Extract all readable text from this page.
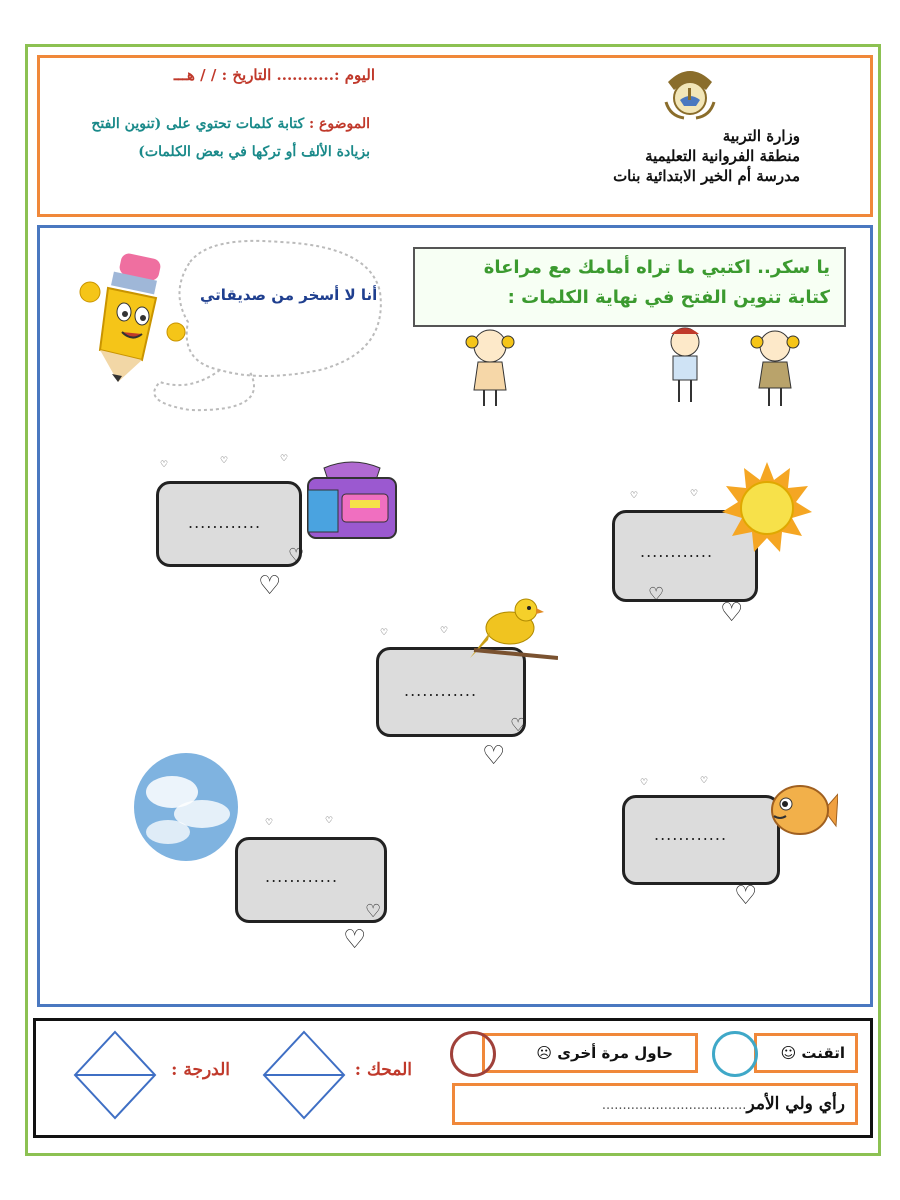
وزارة التربية
منطقة الفروانية التعليمية
مدرسة أم الخير الابتدائية بنات
اليوم :........... التاريخ : / / هـــ
الموضوع : كتابة كلمات تحتوي على (تنوين الفتح
بزيادة الألف أو تركها في بعض الكلمات)
أنا لا أسخر من صديقاتي
يا سكر.. اكتبي ما تراه أمامك مع مراعاة
كتابة تنوين الفتح في نهاية الكلمات :
♡	♡	♡
............
♡
♡
♡	♡
............
♡
♡
♡	♡
............
♡
♡
♡	♡
............
♡
♡
♡	♡
............
♡
اتقنت ☺
حاول مرة أخرى ☹
رأي ولي الأمر...................................
المحك :
الدرجة :
